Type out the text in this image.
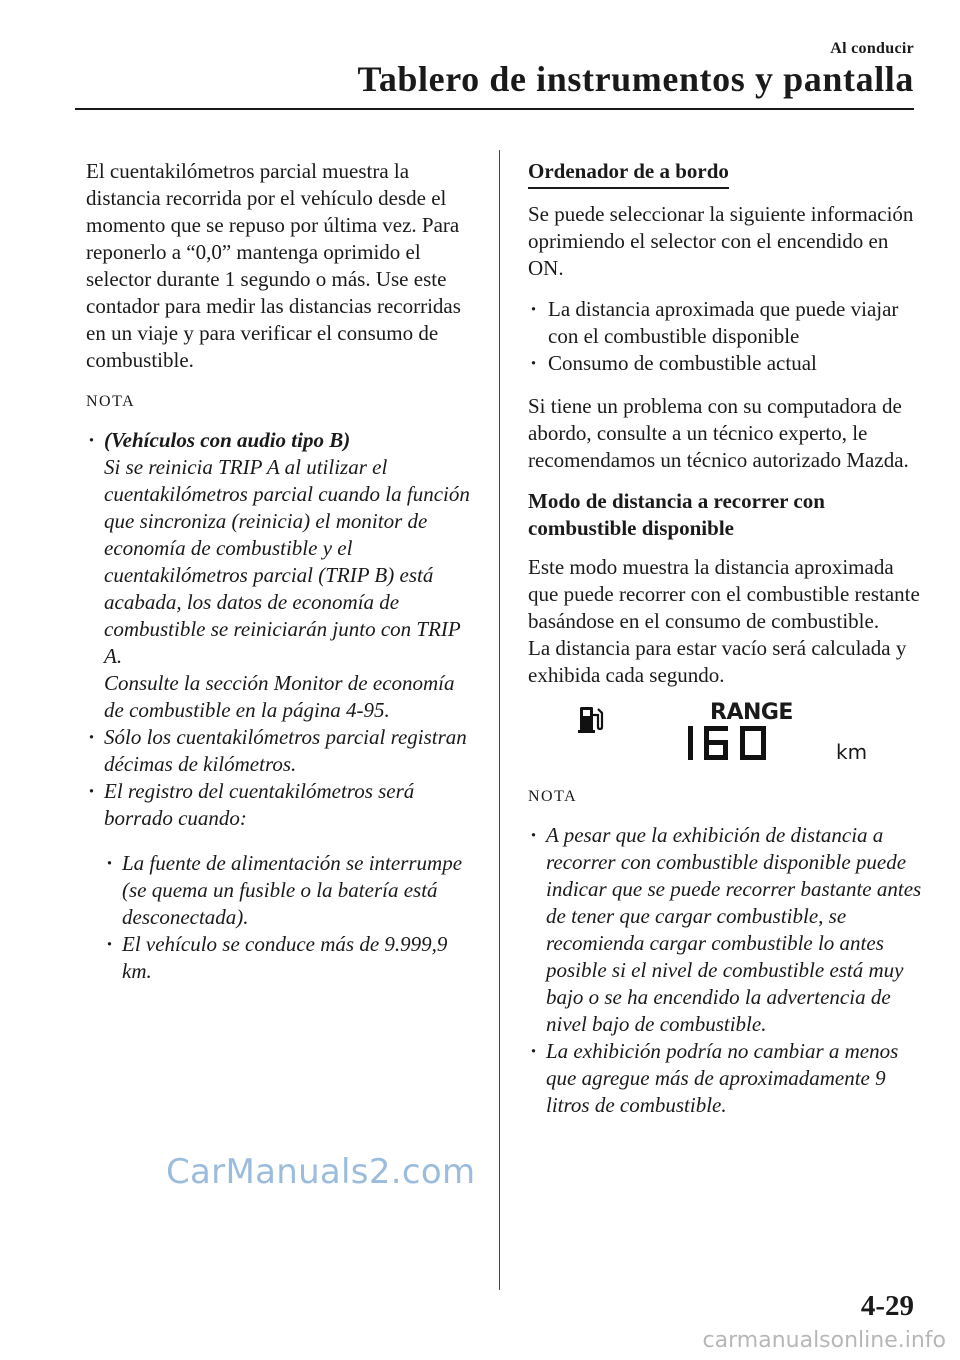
Al conducir
Tablero de instrumentos y pantalla

El cuentakilómetros parcial muestra la distancia recorrida por el vehículo desde el momento que se repuso por última vez. Para reponerlo a “0,0” mantenga oprimido el selector durante 1 segundo o más. Use este contador para medir las distancias recorridas en un viaje y para verificar el consumo de combustible.

NOTA

· (Vehículos con audio tipo B)
Si se reinicia TRIP A al utilizar el cuentakilómetros parcial cuando la función que sincroniza (reinicia) el monitor de economía de combustible y el cuentakilómetros parcial (TRIP B) está acabada, los datos de economía de combustible se reiniciarán junto con TRIP A.
Consulte la sección Monitor de economía de combustible en la página 4-95.
· Sólo los cuentakilómetros parcial registran décimas de kilómetros.
· El registro del cuentakilómetros será borrado cuando:
· La fuente de alimentación se interrumpe (se quema un fusible o la batería está desconectada).
· El vehículo se conduce más de 9.999,9 km.
Ordenador de a bordo

Se puede seleccionar la siguiente información oprimiendo el selector con el encendido en ON.

· La distancia aproximada que puede viajar con el combustible disponible
· Consumo de combustible actual

Si tiene un problema con su computadora de abordo, consulte a un técnico experto, le recomendamos un técnico autorizado Mazda.

Modo de distancia a recorrer con combustible disponible

Este modo muestra la distancia aproximada que puede recorrer con el combustible restante basándose en el consumo de combustible.

La distancia para estar vacío será calculada y exhibida cada segundo.

RANGE
km

NOTA

· A pesar que la exhibición de distancia a recorrer con combustible disponible puede indicar que se puede recorrer bastante antes de tener que cargar combustible, se recomienda cargar combustible lo antes posible si el nivel de combustible está muy bajo o se ha encendido la advertencia de nivel bajo de combustible.
· La exhibición podría no cambiar a menos que agregue más de aproximadamente 9 litros de combustible.
CarManuals2.com
4-29
carmanualsonline.info
